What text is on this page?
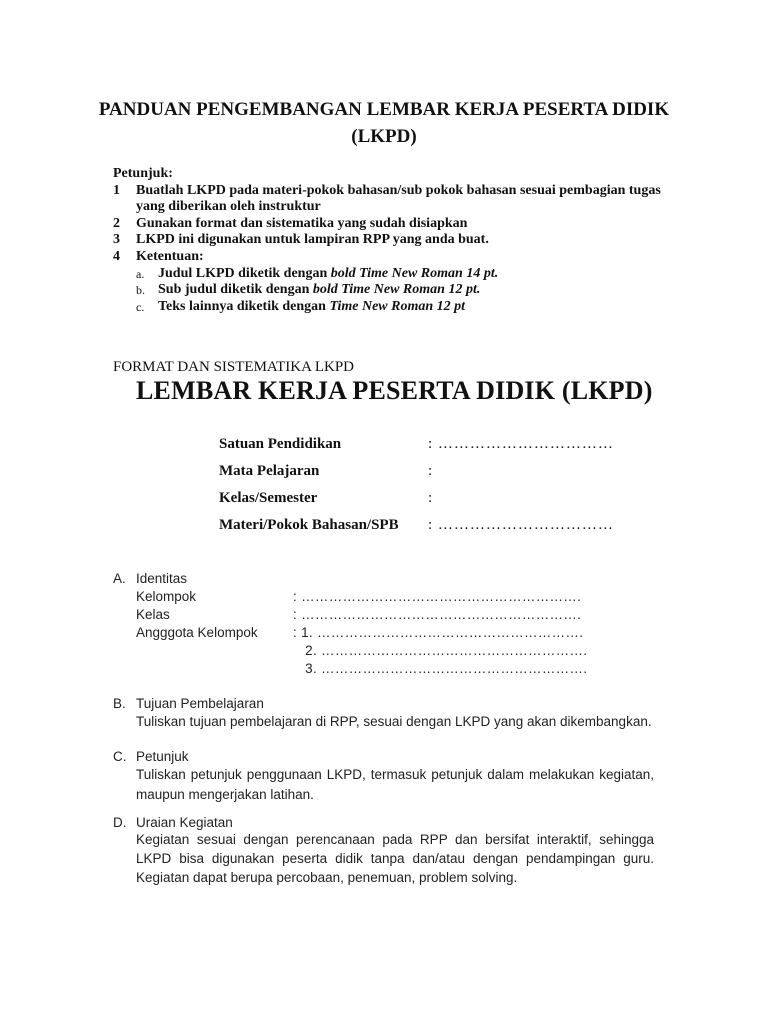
PANDUAN PENGEMBANGAN LEMBAR KERJA PESERTA DIDIK (LKPD)
Petunjuk:
1	Buatlah LKPD pada materi-pokok bahasan/sub pokok bahasan sesuai pembagian tugas yang diberikan oleh instruktur
2	Gunakan format dan sistematika yang sudah disiapkan
3	LKPD ini digunakan untuk lampiran RPP yang anda buat.
4	Ketentuan:
a. Judul LKPD diketik dengan bold Time New Roman 14 pt.
b. Sub judul diketik dengan bold Time New Roman 12 pt.
c. Teks lainnya diketik dengan Time New Roman 12 pt
FORMAT DAN SISTEMATIKA LKPD
LEMBAR KERJA PESERTA DIDIK (LKPD)
Satuan Pendidikan	: ……………………………
Mata Pelajaran	:
Kelas/Semester	:
Materi/Pokok Bahasan/SPB : ……………………………
A. Identitas
Kelompok	: …………………………………………………….
Kelas	: …………………………………………………….
Angggota Kelompok	: 1. ………………………………………………….
2. ………………………………………………….
3. ………………………………………………….
B. Tujuan Pembelajaran
Tuliskan tujuan pembelajaran di RPP, sesuai dengan LKPD yang akan dikembangkan.
C. Petunjuk
Tuliskan petunjuk penggunaan LKPD, termasuk petunjuk dalam melakukan kegiatan, maupun mengerjakan latihan.
D. Uraian Kegiatan
Kegiatan sesuai dengan perencanaan pada RPP dan bersifat interaktif, sehingga LKPD bisa digunakan peserta didik tanpa dan/atau dengan pendampingan guru. Kegiatan dapat berupa percobaan, penemuan, problem solving.
